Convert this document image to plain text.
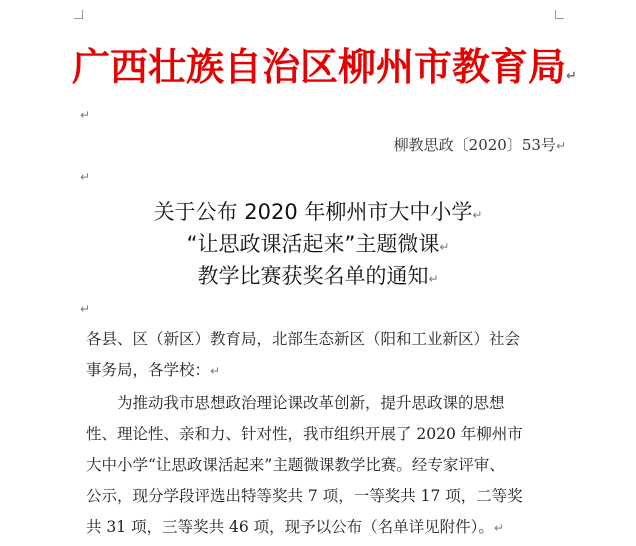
广西壮族自治区柳州市教育局↵
↵
柳教思政〔2020〕53号↵
↵
关于公布 2020 年柳州市大中小学↵
“让思政课活起来”主题微课↵
教学比赛获奖名单的通知↵
↵
各县、区（新区）教育局，北部生态新区（阳和工业新区）社会
事务局，各学校：↵
为推动我市思想政治理论课改革创新，提升思政课的思想
性、理论性、亲和力、针对性，我市组织开展了 2020 年柳州市
大中小学“让思政课活起来”主题微课教学比赛。经专家评审、
公示，现分学段评选出特等奖共 7 项，一等奖共 17 项，二等奖
共 31 项，三等奖共 46 项，现予以公布（名单详见附件）。↵
